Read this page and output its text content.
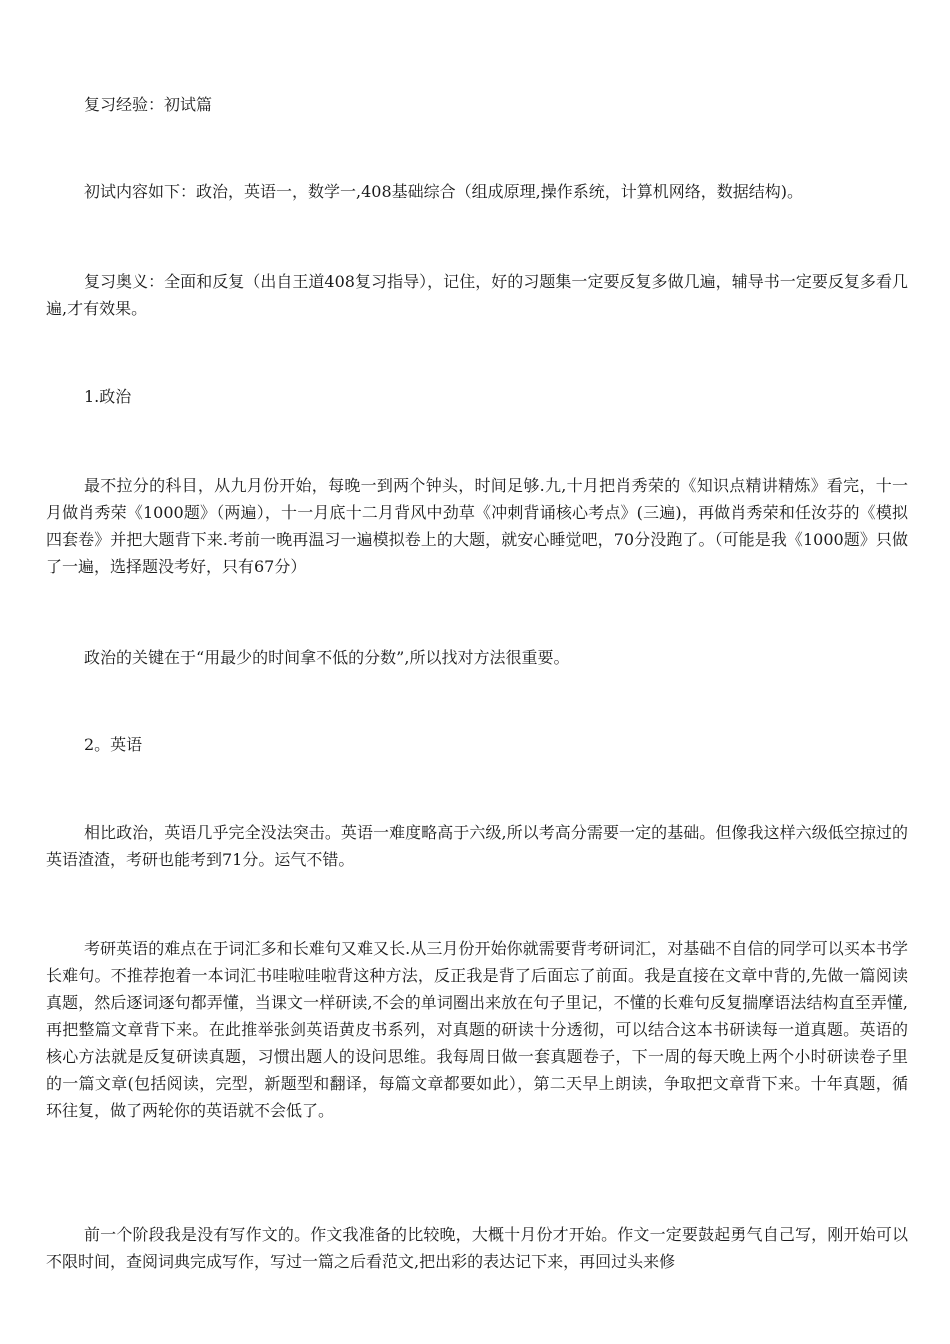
复习经验：初试篇

初试内容如下：政治，英语一，数学一,408基础综合（组成原理,操作系统，计算机网络，数据结构)。

复习奥义：全面和反复（出自王道408复习指导），记住，好的习题集一定要反复多做几遍，辅导书一定要反复多看几遍,才有效果。

1.政治

最不拉分的科目，从九月份开始，每晚一到两个钟头，时间足够.九,十月把肖秀荣的《知识点精讲精炼》看完，十一月做肖秀荣《1000题》（两遍），十一月底十二月背风中劲草《冲刺背诵核心考点》(三遍)，再做肖秀荣和任汝芬的《模拟四套卷》并把大题背下来.考前一晚再温习一遍模拟卷上的大题，就安心睡觉吧，70分没跑了。（可能是我《1000题》只做了一遍，选择题没考好，只有67分）

政治的关键在于“用最少的时间拿不低的分数”,所以找对方法很重要。

2。英语

相比政治，英语几乎完全没法突击。英语一难度略高于六级,所以考高分需要一定的基础。但像我这样六级低空掠过的英语渣渣，考研也能考到71分。运气不错。

考研英语的难点在于词汇多和长难句又难又长.从三月份开始你就需要背考研词汇，对基础不自信的同学可以买本书学长难句。不推荐抱着一本词汇书哇啦哇啦背这种方法，反正我是背了后面忘了前面。我是直接在文章中背的,先做一篇阅读真题，然后逐词逐句都弄懂，当课文一样研读,不会的单词圈出来放在句子里记，不懂的长难句反复揣摩语法结构直至弄懂,再把整篇文章背下来。在此推举张剑英语黄皮书系列，对真题的研读十分透彻，可以结合这本书研读每一道真题。英语的核心方法就是反复研读真题，习惯出题人的设问思维。我每周日做一套真题卷子，下一周的每天晚上两个小时研读卷子里的一篇文章(包括阅读，完型，新题型和翻译，每篇文章都要如此），第二天早上朗读，争取把文章背下来。十年真题，循环往复，做了两轮你的英语就不会低了。

前一个阶段我是没有写作文的。作文我准备的比较晚，大概十月份才开始。作文一定要鼓起勇气自己写，刚开始可以不限时间，查阅词典完成写作，写过一篇之后看范文,把出彩的表达记下来，再回过头来修
